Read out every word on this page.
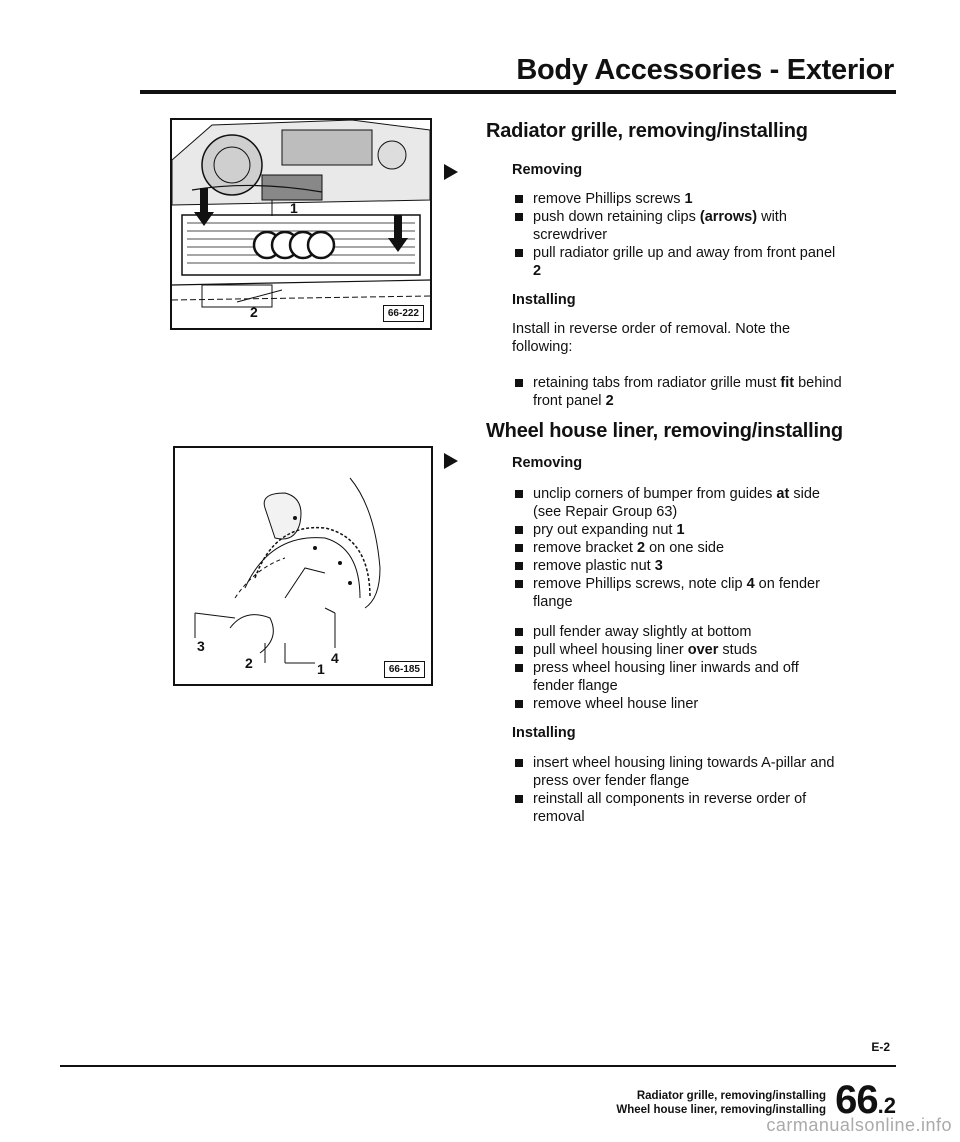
Body Accessories - Exterior
1
2	66-222
3
2	1
4
66-185
Radiator grille, removing/installing
Removing
remove Phillips screws 1
push down retaining clips (arrows) with screwdriver
pull radiator grille up and away from front panel 2
Installing
Install in reverse order of removal. Note the following:
retaining tabs from radiator grille must fit behind front panel 2
Wheel house liner, removing/installing
Removing
unclip corners of bumper from guides at side (see Repair Group 63)
pry out expanding nut 1
remove bracket 2 on one side
remove plastic nut 3
remove Phillips screws, note clip 4 on fender flange
pull fender away slightly at bottom
pull wheel housing liner over studs
press wheel housing liner inwards and off fender flange
remove wheel house liner
Installing
insert wheel housing lining towards A-pillar and press over fender flange
reinstall all components in reverse order of removal
E-2
Radiator grille, removing/installing
Wheel house liner, removing/installing 66.2
carmanualsonline.info
